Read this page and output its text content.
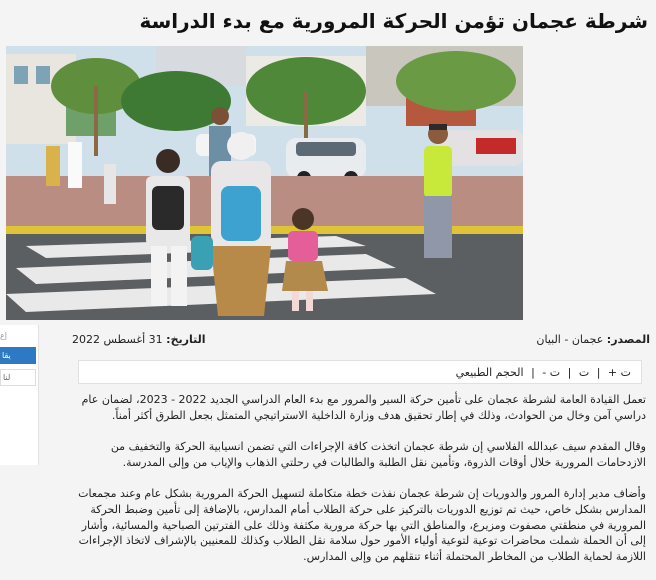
شرطة عجمان تؤمن الحركة المرورية مع بدء الدراسة
إع
يقا
لنا
المصدر: عجمان - البيان
التاريخ: 31 أغسطس 2022
ت + | ت | ت - | الحجم الطبيعي

تعمل القيادة العامة لشرطة عجمان على تأمين حركة السير والمرور مع بدء العام الدراسي الجديد 2022 - 2023، لضمان عام دراسي آمن وخال من الحوادث، وذلك في إطار تحقيق هدف وزارة الداخلية الاستراتيجي المتمثل بجعل الطرق أكثر أمناً.

وقال المقدم سيف عبدالله الفلاسي إن شرطة عجمان اتخذت كافة الإجراءات التي تضمن انسيابية الحركة والتخفيف من الازدحامات المرورية خلال أوقات الذروة، وتأمين نقل الطلبة والطالبات في رحلتي الذهاب والإياب من وإلى المدرسة.

وأضاف مدير إدارة المرور والدوريات إن شرطة عجمان نفذت خطة متكاملة لتسهيل الحركة المرورية بشكل عام وعند مجمعات المدارس بشكل خاص، حيث تم توزيع الدوريات بالتركيز على حركة الطلاب أمام المدارس، بالإضافة إلى تأمين وضبط الحركة المرورية في منطقتي مصفوت ومزيرع، والمناطق التي بها حركة مرورية مكثفة وذلك على الفترتين الصباحية والمسائية، وأشار إلى أن الحملة شملت محاضرات توعية لتوعية أولياء الأمور حول سلامة نقل الطلاب وكذلك للمعنيين بالإشراف لاتخاذ الإجراءات اللازمة لحماية الطلاب من المخاطر المحتملة أثناء تنقلهم من وإلى المدارس.
